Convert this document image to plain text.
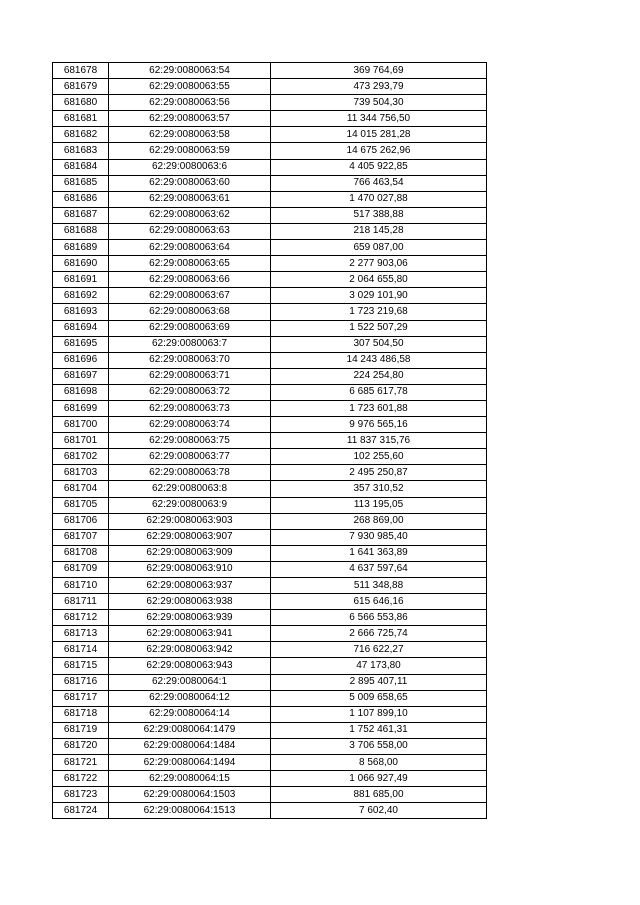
681678	62:29:0080063:54	369 764,69
681679	62:29:0080063:55	473 293,79
681680	62:29:0080063:56	739 504,30
681681	62:29:0080063:57	11 344 756,50
681682	62:29:0080063:58	14 015 281,28
681683	62:29:0080063:59	14 675 262,96
681684	62:29:0080063:6	4 405 922,85
681685	62:29:0080063:60	766 463,54
681686	62:29:0080063:61	1 470 027,88
681687	62:29:0080063:62	517 388,88
681688	62:29:0080063:63	218 145,28
681689	62:29:0080063:64	659 087,00
681690	62:29:0080063:65	2 277 903,06
681691	62:29:0080063:66	2 064 655,80
681692	62:29:0080063:67	3 029 101,90
681693	62:29:0080063:68	1 723 219,68
681694	62:29:0080063:69	1 522 507,29
681695	62:29:0080063:7	307 504,50
681696	62:29:0080063:70	14 243 486,58
681697	62:29:0080063:71	224 254,80
681698	62:29:0080063:72	6 685 617,78
681699	62:29:0080063:73	1 723 601,88
681700	62:29:0080063:74	9 976 565,16
681701	62:29:0080063:75	11 837 315,76
681702	62:29:0080063:77	102 255,60
681703	62:29:0080063:78	2 495 250,87
681704	62:29:0080063:8	357 310,52
681705	62:29:0080063:9	113 195,05
681706	62:29:0080063:903	268 869,00
681707	62:29:0080063:907	7 930 985,40
681708	62:29:0080063:909	1 641 363,89
681709	62:29:0080063:910	4 637 597,64
681710	62:29:0080063:937	511 348,88
681711	62:29:0080063:938	615 646,16
681712	62:29:0080063:939	6 566 553,86
681713	62:29:0080063:941	2 666 725,74
681714	62:29:0080063:942	716 622,27
681715	62:29:0080063:943	47 173,80
681716	62:29:0080064:1	2 895 407,11
681717	62:29:0080064:12	5 009 658,65
681718	62:29:0080064:14	1 107 899,10
681719	62:29:0080064:1479	1 752 461,31
681720	62:29:0080064:1484	3 706 558,00
681721	62:29:0080064:1494	8 568,00
681722	62:29:0080064:15	1 066 927,49
681723	62:29:0080064:1503	881 685,00
681724	62:29:0080064:1513	7 602,40
